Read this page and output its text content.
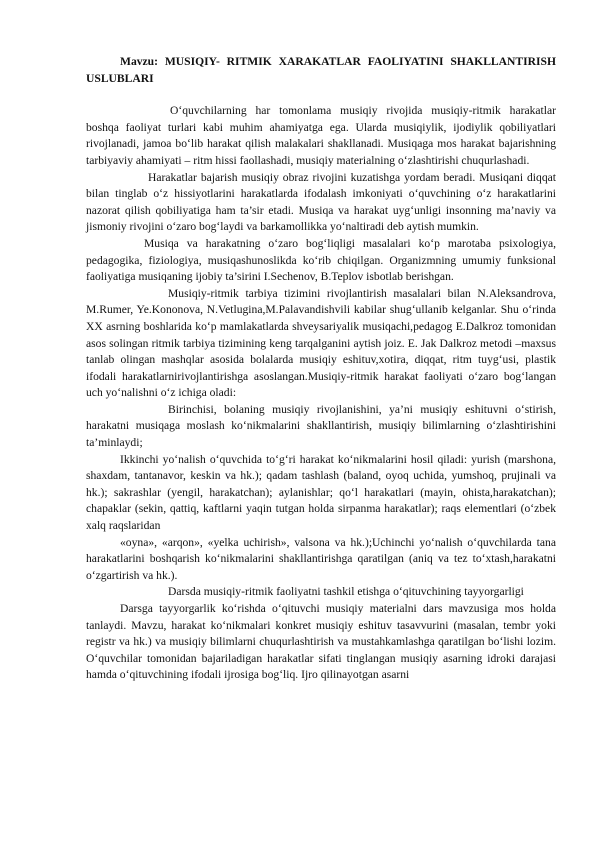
Mavzu: MUSIQIY- RITMIK XARAKATLAR FAOLIYATINI SHAKLLANTIRISH USLUBLARI

O‘quvchilarning har tomonlama musiqiy rivojida musiqiy-ritmik harakatlar boshqa faoliyat turlari kabi muhim ahamiyatga ega. Ularda musiqiylik, ijodiylik qobiliyatlari rivojlanadi, jamoa bo‘lib harakat qilish malakalari shakllanadi. Musiqaga mos harakat bajarishning tarbiyaviy ahamiyati – ritm hissi faollashadi, musiqiy materialning o‘zlashtirishi chuqurlashadi.

Harakatlar bajarish musiqiy obraz rivojini kuzatishga yordam beradi. Musiqani diqqat bilan tinglab o‘z hissiyotlarini harakatlarda ifodalash imkoniyati o‘quvchining o‘z harakatlarini nazorat qilish qobiliyatiga ham ta’sir etadi. Musiqa va harakat uyg‘unligi insonning ma’naviy va jismoniy rivojini o‘zaro bog‘laydi va barkamollikka yo‘naltiradi deb aytish mumkin.

Musiqa va harakatning o‘zaro bog‘liqligi masalalari ko‘p marotaba psixologiya, pedagogika, fiziologiya, musiqashunoslikda ko‘rib chiqilgan. Organizmning umumiy funksional faoliyatiga musiqaning ijobiy ta’sirini I.Sechenov, B.Teplov isbotlab berishgan.

Musiqiy-ritmik tarbiya tizimini rivojlantirish masalalari bilan N.Aleksandrova, M.Rumer, Ye.Kononova, N.Vetlugina,M.Palavandishvili kabilar shug‘ullanib kelganlar. Shu o‘rinda XX asrning boshlarida ko‘p mamlakatlarda shveysariyalik musiqachi,pedagog E.Dalkroz tomonidan asos solingan ritmik tarbiya tizimining keng tarqalganini aytish joiz. E. Jak Dalkroz metodi –maxsus tanlab olingan mashqlar asosida bolalarda musiqiy eshituv,xotira, diqqat, ritm tuyg‘usi, plastik ifodali harakatlarnirivojlantirishga asoslangan.Musiqiy-ritmik harakat faoliyati o‘zaro bog‘langan uch yo‘nalishni o‘z ichiga oladi:

Birinchisi, bolaning musiqiy rivojlanishini, ya’ni musiqiy eshituvni o‘stirish, harakatni musiqaga moslash ko‘nikmalarini shakllantirish, musiqiy bilimlarning o‘zlashtirishini ta’minlaydi;

Ikkinchi yo‘nalish o‘quvchida to‘g‘ri harakat ko‘nikmalarini hosil qiladi: yurish (marshona, shaxdam, tantanavor, keskin va hk.); qadam tashlash (baland, oyoq uchida, yumshoq, prujinali va hk.); sakrashlar (yengil, harakatchan); aylanishlar; qo‘l harakatlari (mayin, ohista,harakatchan); chapaklar (sekin, qattiq, kaftlarni yaqin tutgan holda sirpanma harakatlar); raqs elementlari (o‘zbek xalq raqslaridan

«oyna», «arqon», «yelka uchirish», valsona va hk.);Uchinchi yo‘nalish o‘quvchilarda tana harakatlarini boshqarish ko‘nikmalarini shakllantirishga qaratilgan (aniq va tez to‘xtash,harakatni o‘zgartirish va hk.).

Darsda musiqiy-ritmik faoliyatni tashkil etishga o‘qituvchining tayyorgarligi

Darsga tayyorgarlik ko‘rishda o‘qituvchi musiqiy materialni dars mavzusiga mos holda tanlaydi. Mavzu, harakat ko‘nikmalari konkret musiqiy eshituv tasavvurini (masalan, tembr yoki registr va hk.) va musiqiy bilimlarni chuqurlashtirish va mustahkamlashga qaratilgan bo‘lishi lozim. O‘quvchilar tomonidan bajariladigan harakatlar sifati tinglangan musiqiy asarning idroki darajasi hamda o‘qituvchining ifodali ijrosiga bog‘liq. Ijro qilinayotgan asarni
